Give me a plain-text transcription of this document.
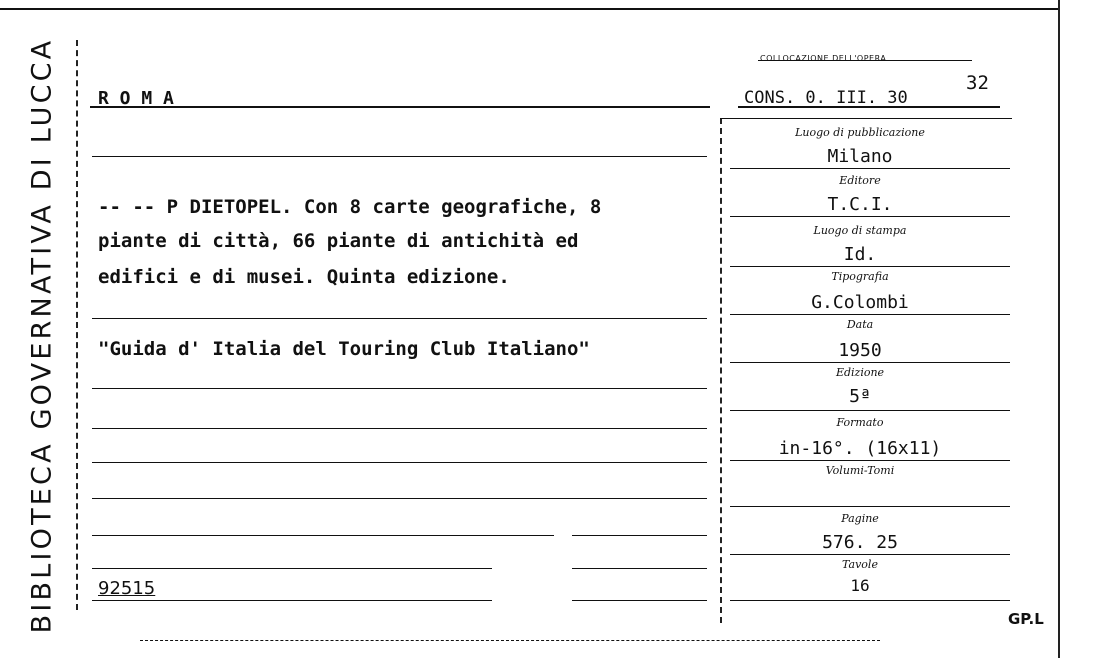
BIBLIOTECA GOVERNATIVA DI LUCCA R O M A
COLLOCAZIONE DELL'OPERA
CONS. 0. III. 30
32
-- -- P DIETOPEL. Con 8 carte geografiche, 8
piante di città, 66 piante di antichità ed
edifici e di musei. Quinta edizione.
"Guida d' Italia del Touring Club Italiano"
92515
Luogo di pubblicazione
Milano
Editore
T.C.I.
Luogo di stampa
Id.
Tipografia
G.Colombi
Data
1950
Edizione
5ª
Formato
in-16°. (16x11)
Volumi-Tomi
Pagine
576. 25
Tavole
16
GP.L
